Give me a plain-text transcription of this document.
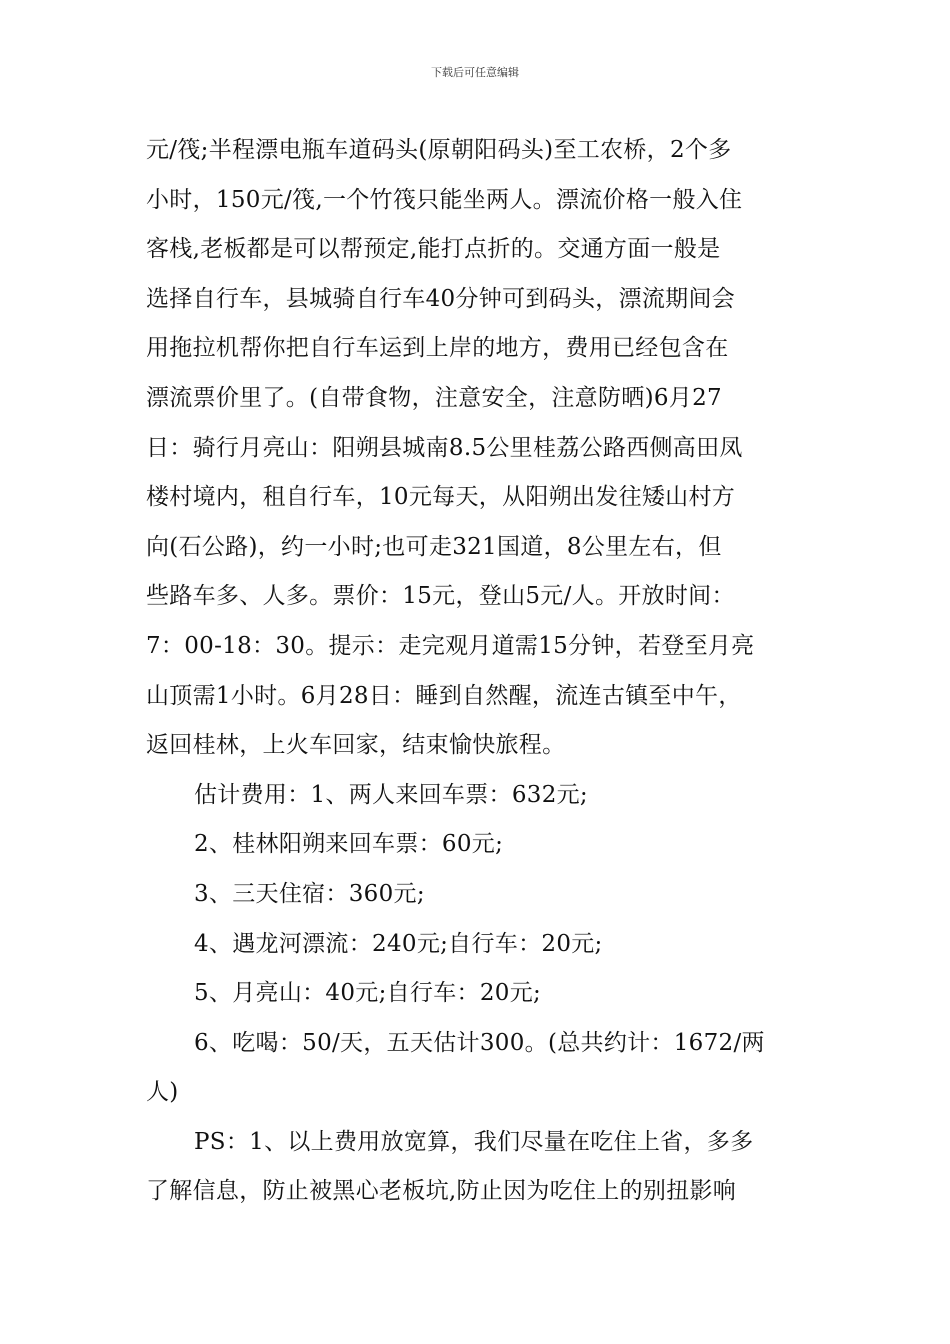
下载后可任意编辑
元/筏;半程漂电瓶车道码头(原朝阳码头)至工农桥，2个多
小时，150元/筏,一个竹筏只能坐两人。漂流价格一般入住
客栈,老板都是可以帮预定,能打点折的。交通方面一般是
选择自行车，县城骑自行车40分钟可到码头，漂流期间会
用拖拉机帮你把自行车运到上岸的地方，费用已经包含在
漂流票价里了。(自带食物，注意安全，注意防晒)6月27
日：骑行月亮山：阳朔县城南8.5公里桂荔公路西侧高田凤
楼村境内，租自行车，10元每天，从阳朔出发往矮山村方
向(石公路)，约一小时;也可走321国道，8公里左右，但
些路车多、人多。票价：15元，登山5元/人。开放时间：
7：00-18：30。提示：走完观月道需15分钟，若登至月亮
山顶需1小时。6月28日：睡到自然醒，流连古镇至中午，
返回桂林，上火车回家，结束愉快旅程。
估计费用：1、两人来回车票：632元;
2、桂林阳朔来回车票：60元;
3、三天住宿：360元;
4、遇龙河漂流：240元;自行车：20元;
5、月亮山：40元;自行车：20元;
6、吃喝：50/天，五天估计300。(总共约计：1672/两
人)
PS：1、以上费用放宽算，我们尽量在吃住上省，多多
了解信息，防止被黑心老板坑,防止因为吃住上的别扭影响
